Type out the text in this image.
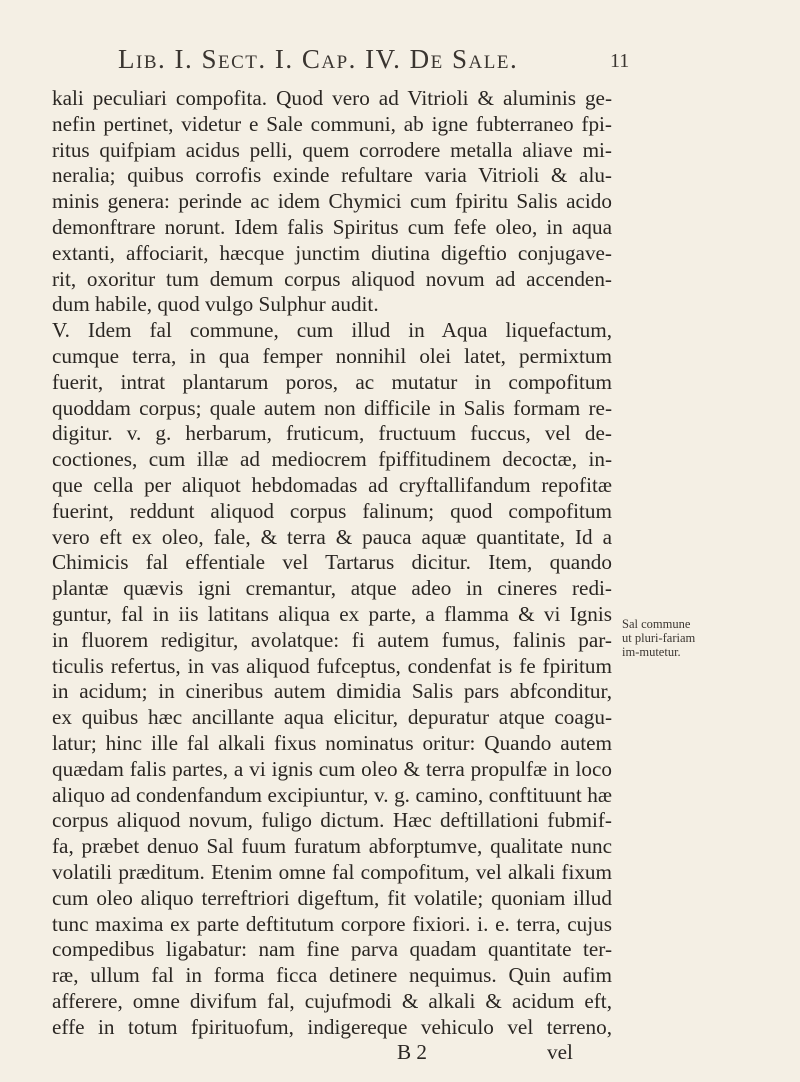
Lib. I. Sect. I. Cap. IV. De Sale.	11
kali peculiari compofita. Quod vero ad Vitrioli & aluminis ge-
nefin pertinet, videtur e Sale communi, ab igne fubterraneo fpi-
ritus quifpiam acidus pelli, quem corrodere metalla aliave mi-
neralia; quibus corrofis exinde refultare varia Vitrioli & alu-
minis genera: perinde ac idem Chymici cum fpiritu Salis acido
demonftrare norunt. Idem falis Spiritus cum fefe oleo, in aqua
extanti, affociarit, hæcque junctim diutina digeftio conjugave-
rit, oxoritur tum demum corpus aliquod novum ad accenden-
dum habile, quod vulgo Sulphur audit.
V. Idem fal commune, cum illud in Aqua liquefactum,
cumque terra, in qua femper nonnihil olei latet, permixtum
fuerit, intrat plantarum poros, ac mutatur in compofitum
quoddam corpus; quale autem non difficile in Salis formam re-
digitur. v. g. herbarum, fruticum, fructuum fuccus, vel de-
coctiones, cum illæ ad mediocrem fpiffitudinem decoctæ, in-
que cella per aliquot hebdomadas ad cryftallifandum repofitæ
fuerint, reddunt aliquod corpus falinum; quod compofitum
vero eft ex oleo, fale, & terra & pauca aquæ quantitate, Id a
Chimicis fal effentiale vel Tartarus dicitur. Item, quando
plantæ quævis igni cremantur, atque adeo in cineres redi-
guntur, fal in iis latitans aliqua ex parte, a flamma & vi Ignis
in fluorem redigitur, avolatque: fi autem fumus, falinis par-
ticulis refertus, in vas aliquod fufceptus, condenfat is fe fpiritum
in acidum; in cineribus autem dimidia Salis pars abfconditur,
ex quibus hæc ancillante aqua elicitur, depuratur atque coagu-
latur; hinc ille fal alkali fixus nominatus oritur: Quando autem
quædam falis partes, a vi ignis cum oleo & terra propulfæ in loco
aliquo ad condenfandum excipiuntur, v. g. camino, conftituunt hæ
corpus aliquod novum, fuligo dictum. Hæc deftillationi fubmif-
fa, præbet denuo Sal fuum furatum abforptumve, qualitate nunc
volatili præditum. Etenim omne fal compofitum, vel alkali fixum
cum oleo aliquo terreftriori digeftum, fit volatile; quoniam illud
tunc maxima ex parte deftitutum corpore fixiori. i. e. terra, cujus
compedibus ligabatur: nam fine parva quadam quantitate ter-
ræ, ullum fal in forma ficca detinere nequimus. Quin aufim
afferere, omne divifum fal, cujufmodi & alkali & acidum eft,
effe in totum fpirituofum, indigereque vehiculo vel terreno,
B 2	vel
Sal commune ut pluri-fariam im-mutetur.
